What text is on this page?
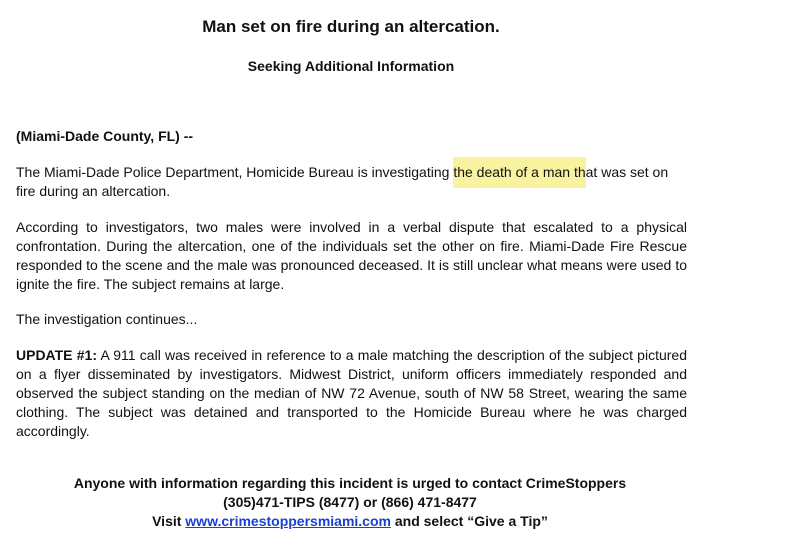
Man set on fire during an altercation.
Seeking Additional Information

(Miami-Dade County, FL) --

The Miami-Dade Police Department, Homicide Bureau is investigating the death of a man that was set on fire during an altercation.

According to investigators, two males were involved in a verbal dispute that escalated to a physical confrontation. During the altercation, one of the individuals set the other on fire. Miami-Dade Fire Rescue responded to the scene and the male was pronounced deceased. It is still unclear what means were used to ignite the fire. The subject remains at large.

The investigation continues...

UPDATE #1: A 911 call was received in reference to a male matching the description of the subject pictured on a flyer disseminated by investigators. Midwest District, uniform officers immediately responded and observed the subject standing on the median of NW 72 Avenue, south of NW 58 Street, wearing the same clothing. The subject was detained and transported to the Homicide Bureau where he was charged accordingly.

Anyone with information regarding this incident is urged to contact CrimeStoppers
(305)471-TIPS (8477) or (866) 471-8477
Visit www.crimestoppersmiami.com and select “Give a Tip”
